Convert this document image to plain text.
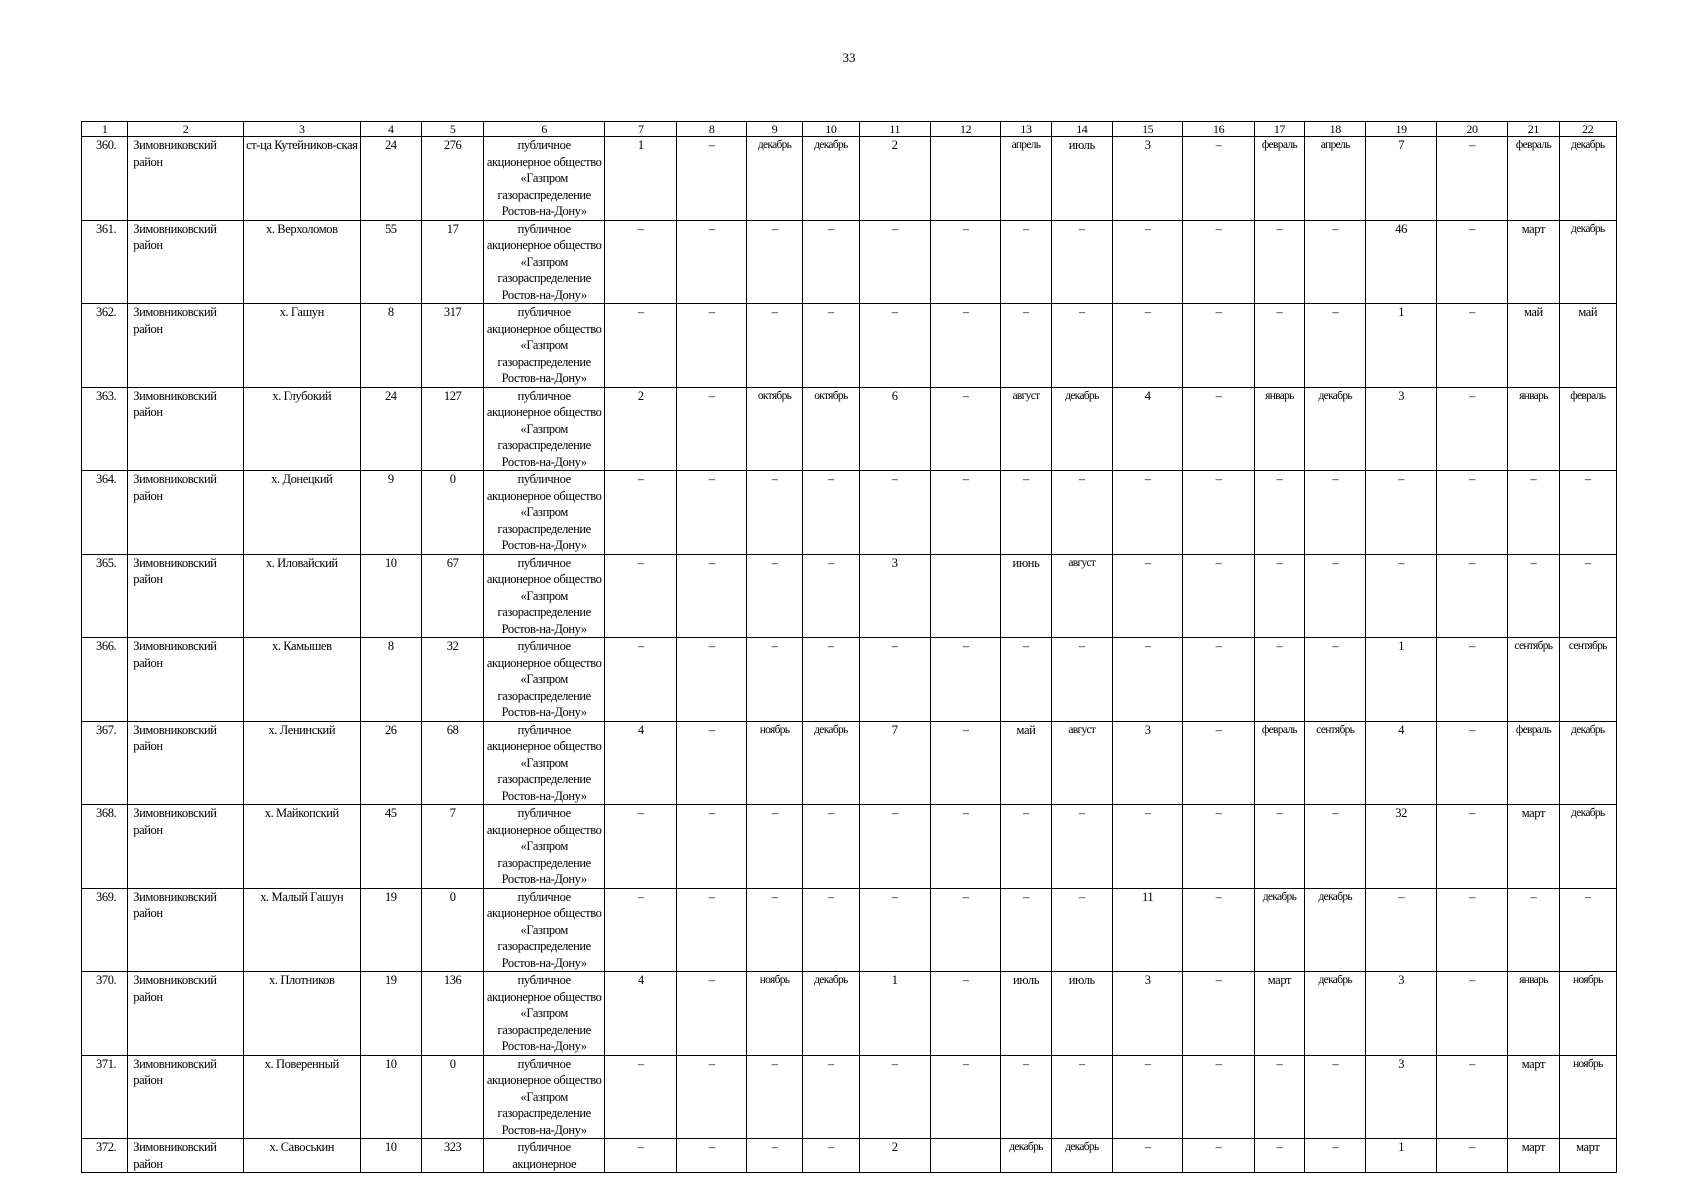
33
1	2	3	4	5	6	7	8	9	10	11	12	13	14	15	16	17	18	19	20	21	22
360.	Зимовниковский район	ст-ца Кутейников-ская	24	276	публичное акционерное общество «Газпром газораспределение Ростов-на-Дону»	1	–	декабрь	декабрь	2		апрель	июль	3	–	февраль	апрель	7	–	февраль	декабрь
361.	Зимовниковский район	х. Верхоломов	55	17	публичное акционерное общество «Газпром газораспределение Ростов-на-Дону»	–	–	–	–	–	–	–	–	–	–	–	–	46	–	март	декабрь
362.	Зимовниковский район	х. Гашун	8	317	публичное акционерное общество «Газпром газораспределение Ростов-на-Дону»	–	–	–	–	–	–	–	–	–	–	–	–	1	–	май	май
363.	Зимовниковский район	х. Глубокий	24	127	публичное акционерное общество «Газпром газораспределение Ростов-на-Дону»	2	–	октябрь	октябрь	6	–	август	декабрь	4	–	январь	декабрь	3	–	январь	февраль
364.	Зимовниковский район	х. Донецкий	9	0	публичное акционерное общество «Газпром газораспределение Ростов-на-Дону»	–	–	–	–	–	–	–	–	–	–	–	–	–	–	–	–
365.	Зимовниковский район	х. Иловайский	10	67	публичное акционерное общество «Газпром газораспределение Ростов-на-Дону»	–	–	–	–	3		июнь	август	–	–	–	–	–	–	–	–
366.	Зимовниковский район	х. Камышев	8	32	публичное акционерное общество «Газпром газораспределение Ростов-на-Дону»	–	–	–	–	–	–	–	–	–	–	–	–	1	–	сентябрь	сентябрь
367.	Зимовниковский район	х. Ленинский	26	68	публичное акционерное общество «Газпром газораспределение Ростов-на-Дону»	4	–	ноябрь	декабрь	7	–	май	август	3	–	февраль	сентябрь	4	–	февраль	декабрь
368.	Зимовниковский район	х. Майкопский	45	7	публичное акционерное общество «Газпром газораспределение Ростов-на-Дону»	–	–	–	–	–	–	–	–	–	–	–	–	32	–	март	декабрь
369.	Зимовниковский район	х. Малый Гашун	19	0	публичное акционерное общество «Газпром газораспределение Ростов-на-Дону»	–	–	–	–	–	–	–	–	11	–	декабрь	декабрь	–	–	–	–
370.	Зимовниковский район	х. Плотников	19	136	публичное акционерное общество «Газпром газораспределение Ростов-на-Дону»	4	–	ноябрь	декабрь	1	–	июль	июль	3	–	март	декабрь	3	–	январь	ноябрь
371.	Зимовниковский район	х. Поверенный	10	0	публичное акционерное общество «Газпром газораспределение Ростов-на-Дону»	–	–	–	–	–	–	–	–	–	–	–	–	3	–	март	ноябрь
372.	Зимовниковский район	х. Савоськин	10	323	публичное акционерное	–	–	–	–	2		декабрь	декабрь	–	–	–	–	1	–	март	март
